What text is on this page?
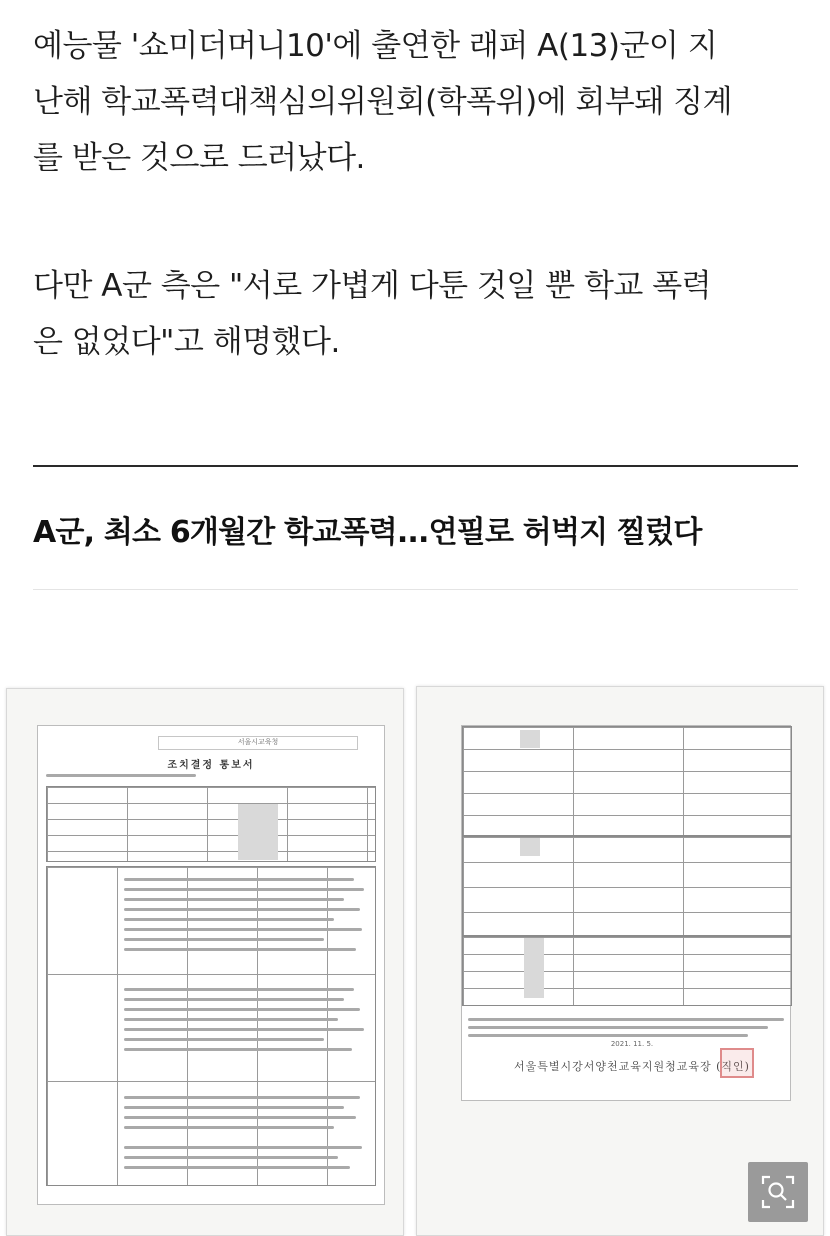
예능물 '쇼미더머니10'에 출연한 래퍼 A(13)군이 지
난해 학교폭력대책심의위원회(학폭위)에 회부돼 징계
를 받은 것으로 드러났다.
다만 A군 측은 "서로 가볍게 다툰 것일 뿐 학교 폭력
은 없었다"고 해명했다.
A군, 최소 6개월간 학교폭력...연필로 허벅지 찔렀다
서울시교육청
조치결정 통보서
2021. 11. 5.
서울특별시강서양천교육지원청교육장 (직인)
